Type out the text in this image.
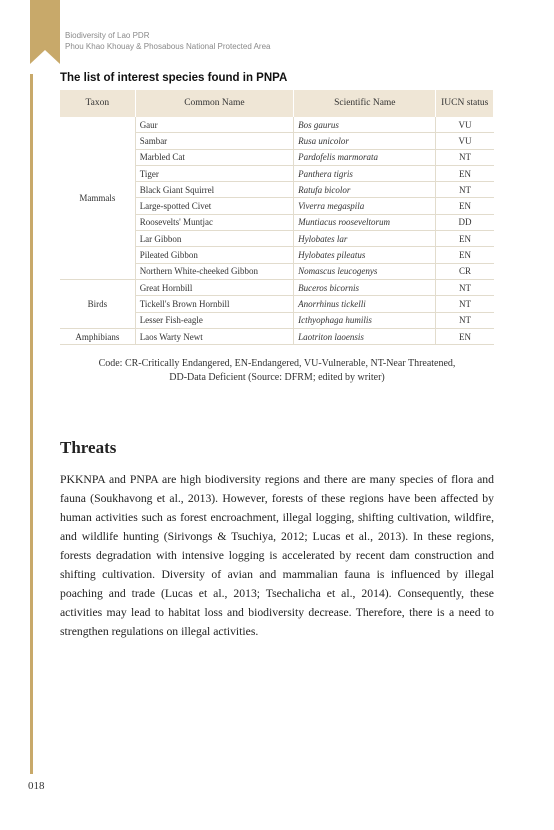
Biodiversity of Lao PDR
Phou Khao Khouay & Phosabous National Protected Area
The list of interest species found in PNPA
Taxon	Common Name	Scientific Name	IUCN status
Mammals	Gaur	Bos gaurus	VU
	Sambar	Rusa unicolor	VU
	Marbled Cat	Pardofelis marmorata	NT
	Tiger	Panthera tigris	EN
	Black Giant Squirrel	Ratufa bicolor	NT
	Large-spotted Civet	Viverra megaspila	EN
	Roosevelts' Muntjac	Muntiacus rooseveltorum	DD
	Lar Gibbon	Hylobates lar	EN
	Pileated Gibbon	Hylobates pileatus	EN
	Northern White-cheeked Gibbon	Nomascus leucogenys	CR
Birds	Great Hornbill	Buceros bicornis	NT
	Tickell's Brown Hornbill	Anorrhinus tickelli	NT
	Lesser Fish-eagle	Icthyophaga humilis	NT
Amphibians	Laos Warty Newt	Laotriton laoensis	EN
Code: CR-Critically Endangered, EN-Endangered, VU-Vulnerable, NT-Near Threatened,
DD-Data Deficient (Source: DFRM; edited by writer)
Threats
PKKNPA and PNPA are high biodiversity regions and there are many species of flora and fauna (Soukhavong et al., 2013). However, forests of these regions have been affected by human activities such as forest encroachment, illegal logging, shifting cultivation, wildfire, and wildlife hunting (Sirivongs & Tsuchiya, 2012; Lucas et al., 2013). In these regions, forests degradation with intensive logging is accelerated by recent dam construction and shifting cultivation. Diversity of avian and mammalian fauna is influenced by illegal poaching and trade (Lucas et al., 2013; Tsechalicha et al., 2014). Consequently, these activities may lead to habitat loss and biodiversity decrease. Therefore, there is a need to strengthen regulations on illegal activities.
018
